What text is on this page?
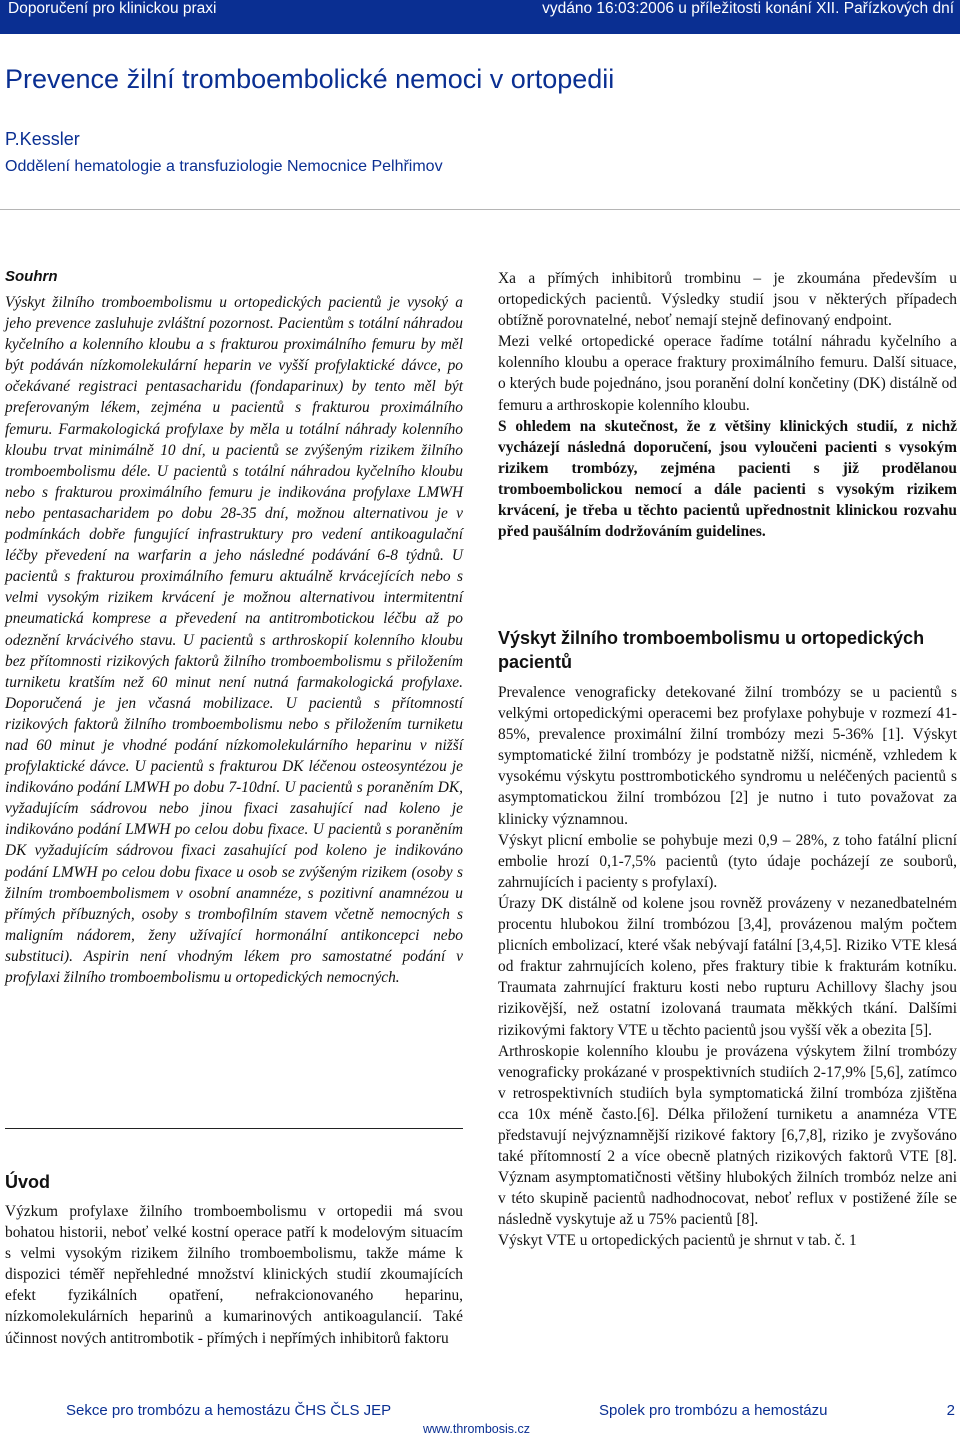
Doporučení pro klinickou praxi	vydáno 16:03:2006 u příležitosti konání XII. Pařízkových dní
Prevence žilní tromboembolické nemoci v ortopedii
P.Kessler
Oddělení hematologie a transfuziologie Nemocnice Pelhřimov
Souhrn

Výskyt žilního tromboembolismu u ortopedických pacientů je vysoký a jeho prevence zasluhuje zvláštní pozornost. Pacientům s totální náhradou kyčelního a kolenního kloubu a s frakturou proximálního femuru by měl být podáván nízkomolekulární heparin ve vyšší profylaktické dávce, po očekávané registraci pentasacharidu (fondaparinux) by tento měl být preferovaným lékem, zejména u pacientů s frakturou proximálního femuru. Farmakologická profylaxe by měla u totální náhrady kolenního kloubu trvat minimálně 10 dní, u pacientů se zvýšeným rizikem žilního tromboembolismu déle. U pacientů s totální náhradou kyčelního kloubu nebo s frakturou proximálního femuru je indikována profylaxe LMWH nebo pentasacharidem po dobu 28-35 dní, možnou alternativou je v podmínkách dobře fungující infrastruktury pro vedení antikoagulační léčby převedení na warfarin a jeho následné podávání 6-8 týdnů. U pacientů s frakturou proximálního femuru aktuálně krvácejících nebo s velmi vysokým rizikem krvácení je možnou alternativou intermitentní pneumatická komprese a převedení na antitrombotickou léčbu až po odeznění krvácivého stavu. U pacientů s arthroskopií kolenního kloubu bez přítomnosti rizikových faktorů žilního tromboembolismu s přiložením turniketu kratším než 60 minut není nutná farmakologická profylaxe. Doporučená je jen včasná mobilizace. U pacientů s přítomností rizikových faktorů žilního tromboembolismu nebo s přiložením turniketu nad 60 minut je vhodné podání nízkomolekulárního heparinu v nižší profylaktické dávce. U pacientů s frakturou DK léčenou osteosyntézou je indikováno podání LMWH po dobu 7-10dní. U pacientů s poraněním DK, vyžadujícím sádrovou nebo jinou fixaci zasahující nad koleno je indikováno podání LMWH po celou dobu fixace. U pacientů s poraněním DK vyžadujícím sádrovou fixaci zasahující pod koleno je indikováno podání LMWH po celou dobu fixace u osob se zvýšeným rizikem (osoby s žilním tromboembolismem v osobní anamnéze, s pozitivní anamnézou u přímých příbuzných, osoby s trombofilním stavem včetně nemocných s maligním nádorem, ženy užívající hormonální antikoncepci nebo substituci). Aspirin není vhodným lékem pro samostatné podání v profylaxi žilního tromboembolismu u ortopedických nemocných.

Úvod

Výzkum profylaxe žilního tromboembolismu v ortopedii má svou bohatou historii, neboť velké kostní operace patří k modelovým situacím s velmi vysokým rizikem žilního tromboembolismu, takže máme k dispozici téměř nepřehledné množství klinických studií zkoumajících efekt fyzikálních opatření, nefrakcionovaného heparinu, nízkomolekulárních heparinů a kumarinových antikoagulancií. Také účinnost nových antitrombotik - přímých i nepřímých inhibitorů faktoru

Xa a přímých inhibitorů trombinu – je zkoumána především u ortopedických pacientů. Výsledky studií jsou v některých případech obtížně porovnatelné, neboť nemají stejně definovaný endpoint.

Mezi velké ortopedické operace řadíme totální náhradu kyčelního a kolenního kloubu a operace fraktury proximálního femuru. Další situace, o kterých bude pojednáno, jsou poranění dolní končetiny (DK) distálně od femuru a arthroskopie kolenního kloubu.

S ohledem na skutečnost, že z většiny klinických studií, z nichž vycházejí následná doporučení, jsou vyloučeni pacienti s vysokým rizikem trombózy, zejména pacienti s již prodělanou tromboembolickou nemocí a dále pacienti s vysokým rizikem krvácení, je třeba u těchto pacientů upřednostnit klinickou rozvahu před paušálním dodržováním guidelines.

Výskyt žilního tromboembolismu u ortopedických pacientů

Prevalence venograficky detekované žilní trombózy se u pacientů s velkými ortopedickými operacemi bez profylaxe pohybuje v rozmezí 41-85%, prevalence proximální žilní trombózy mezi 5-36% [1]. Výskyt symptomatické žilní trombózy je podstatně nižší, nicméně, vzhledem k vysokému výskytu posttrombotického syndromu u neléčených pacientů s asymptomatickou žilní trombózou [2] je nutno i tuto považovat za klinicky významnou.

Výskyt plicní embolie se pohybuje mezi 0,9 – 28%, z toho fatální plicní embolie hrozí 0,1-7,5% pacientů (tyto údaje pocházejí ze souborů, zahrnujících i pacienty s profylaxí).

Úrazy DK distálně od kolene jsou rovněž provázeny v nezanedbatelném procentu hlubokou žilní trombózou [3,4], provázenou malým počtem plicních embolizací, které však nebývají fatální [3,4,5]. Riziko VTE klesá od fraktur zahrnujících koleno, přes fraktury tibie k frakturám kotníku. Traumata zahrnující frakturu kosti nebo rupturu Achillovy šlachy jsou rizikovější, než ostatní izolovaná traumata měkkých tkání. Dalšími rizikovými faktory VTE u těchto pacientů jsou vyšší věk a obezita [5].

Arthroskopie kolenního kloubu je provázena výskytem žilní trombózy venograficky prokázané v prospektivních studiích 2-17,9% [5,6], zatímco v retrospektivních studiích byla symptomatická žilní trombóza zjištěna cca 10x méně často.[6]. Délka přiložení turniketu a anamnéza VTE představují nejvýznamnější rizikové faktory [6,7,8], riziko je zvyšováno také přítomností 2 a více obecně platných rizikových faktorů VTE [8]. Význam asymptomatičnosti většiny hlubokých žilních trombóz nelze ani v této skupině pacientů nadhodnocovat, neboť reflux v postižené žíle se následně vyskytuje až u 75% pacientů [8].

Výskyt VTE u ortopedických pacientů je shrnut v tab. č. 1

Sekce pro trombózu a hemostázu ČHS ČLS JEP	Spolek pro trombózu a hemostázu	2
www.thrombosis.cz
